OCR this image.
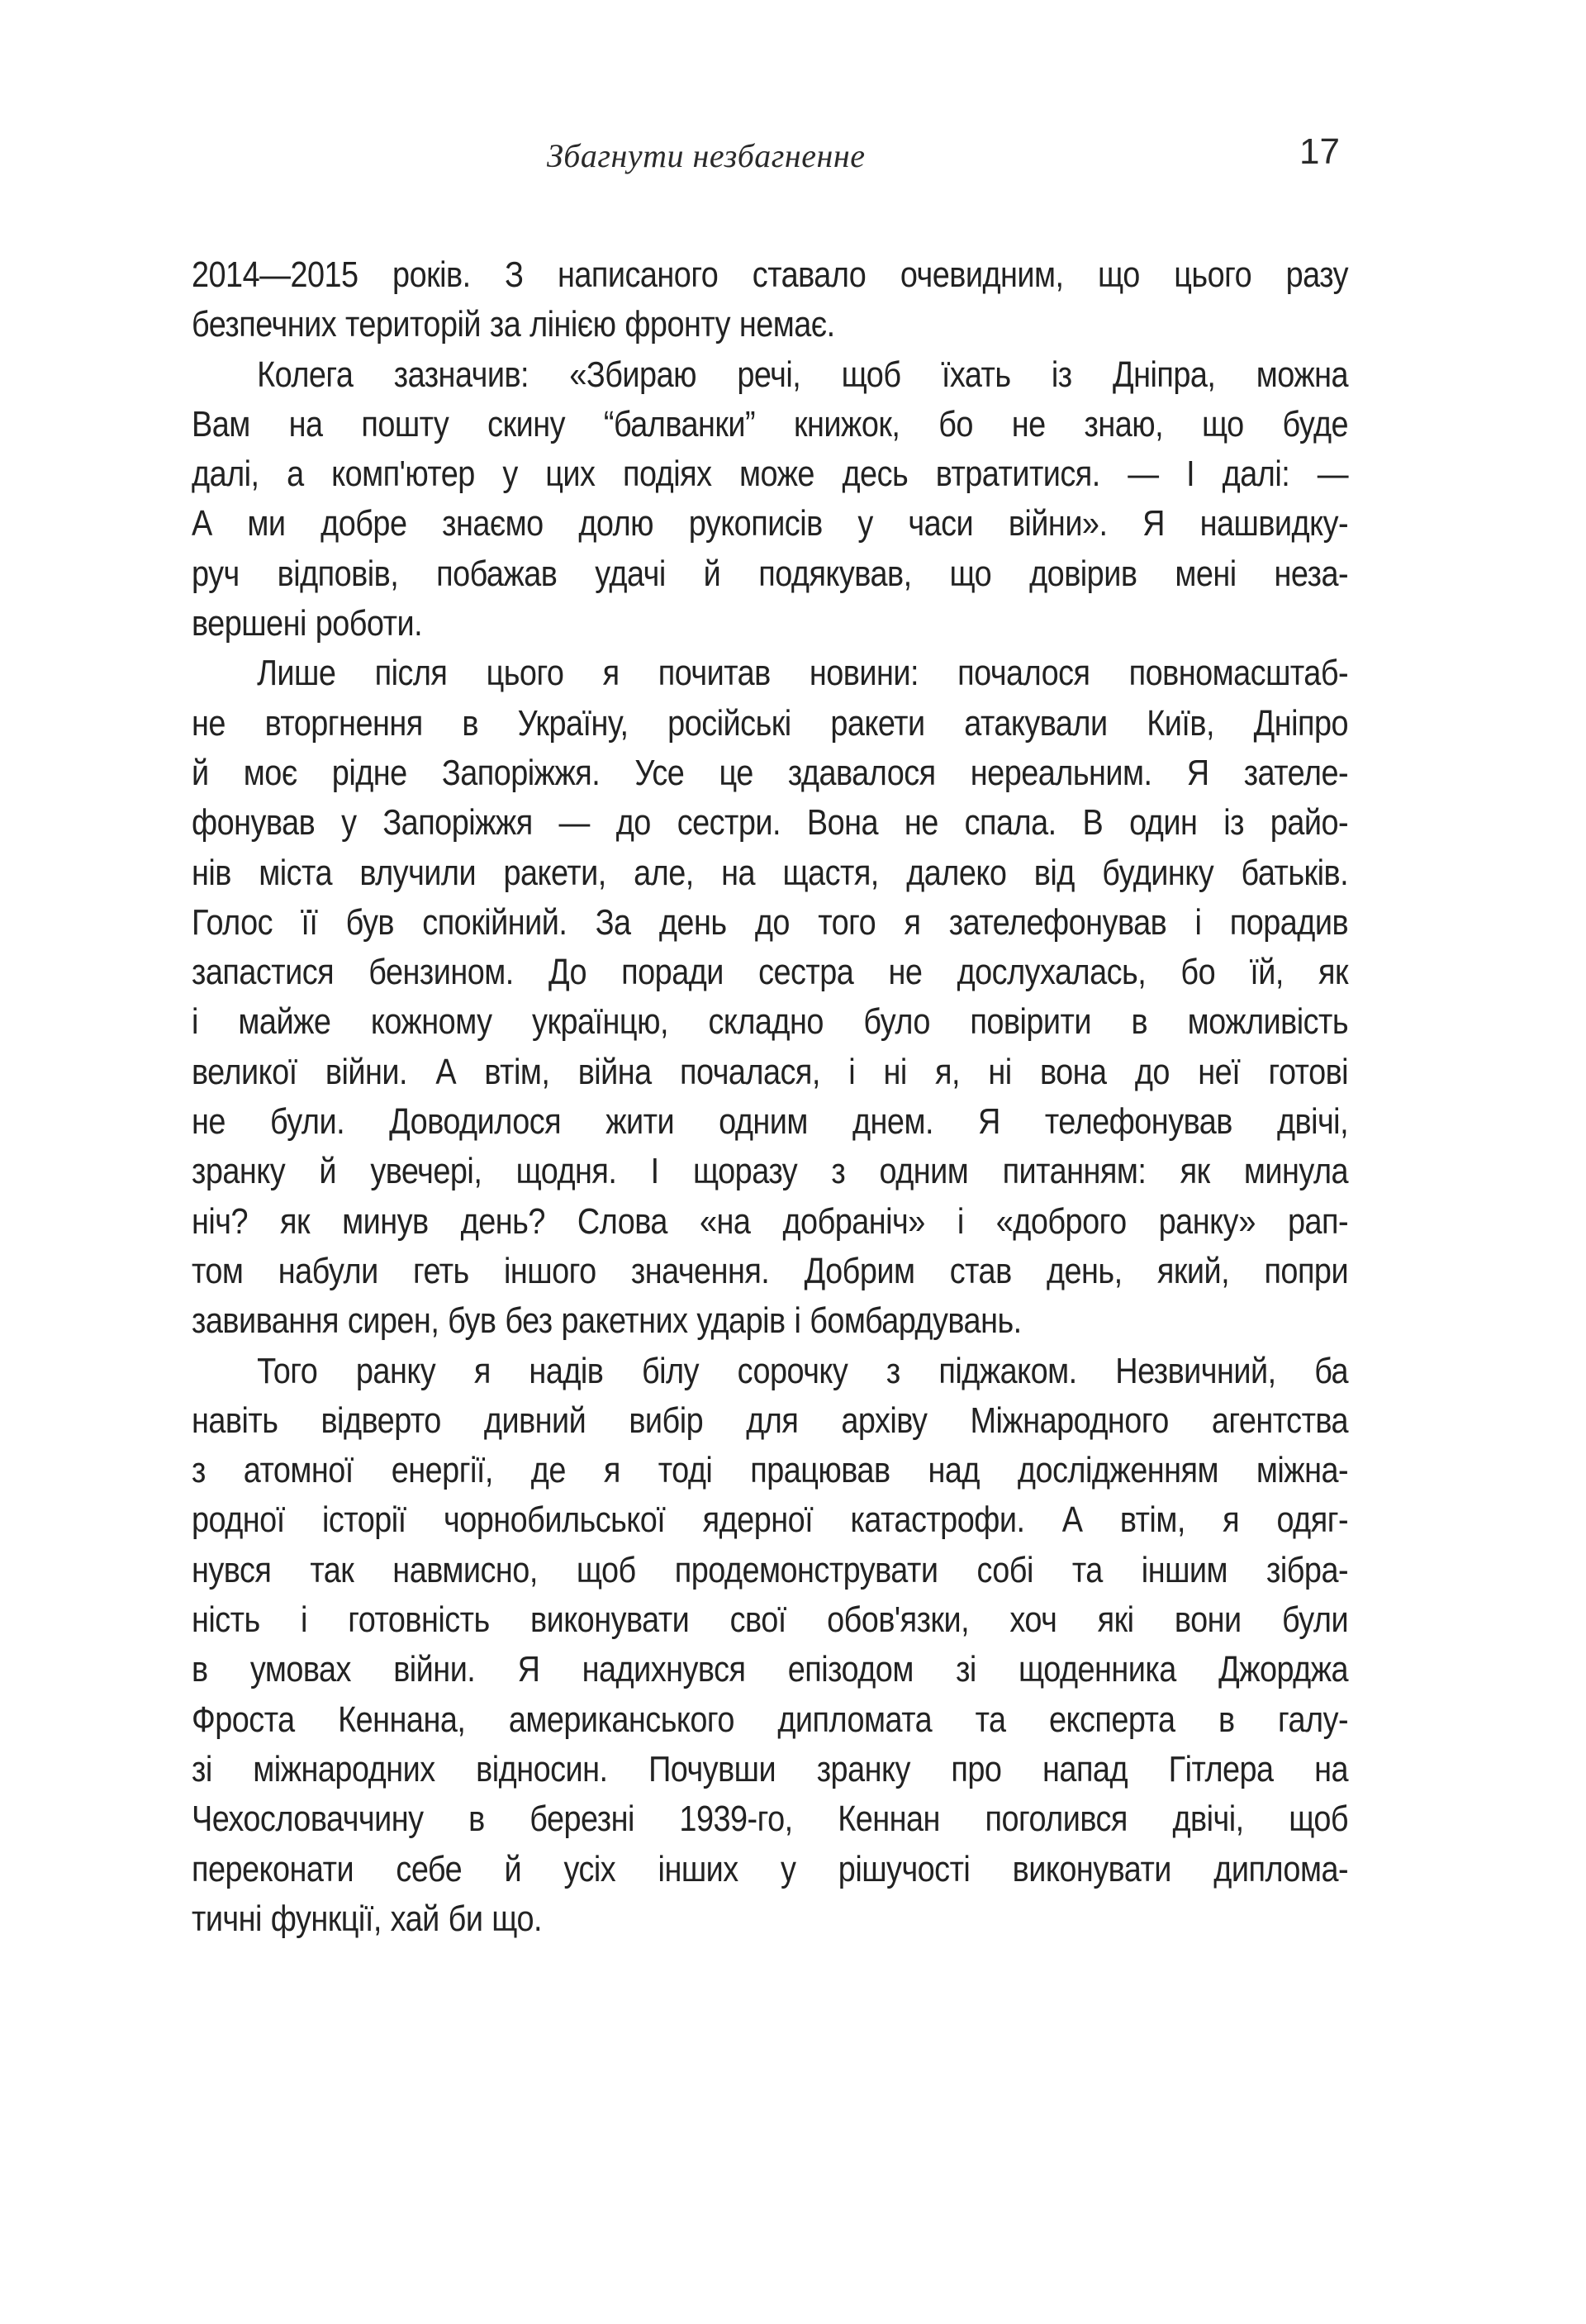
Збагнути незбагненне	17
2014—2015 років. З написаного ставало очевидним, що цього разу
безпечних територій за лінією фронту немає.
Колега зазначив: «Збираю речі, щоб їхать із Дніпра, можна
Вам на пошту скину “балванки” книжок, бо не знаю, що буде
далі, а комп'ютер у цих подіях може десь втратитися. — І далі: —
А ми добре знаємо долю рукописів у часи війни». Я нашвидку-
руч відповів, побажав удачі й подякував, що довірив мені неза-
вершені роботи.
Лише після цього я почитав новини: почалося повномасштаб-
не вторгнення в Україну, російські ракети атакували Київ, Дніпро
й моє рідне Запоріжжя. Усе це здавалося нереальним. Я зателе-
фонував у Запоріжжя — до сестри. Вона не спала. В один із райо-
нів міста влучили ракети, але, на щастя, далеко від будинку батьків.
Голос її був спокійний. За день до того я зателефонував і порадив
запастися бензином. До поради сестра не дослухалась, бо їй, як
і майже кожному українцю, складно було повірити в можливість
великої війни. А втім, війна почалася, і ні я, ні вона до неї готові
не були. Доводилося жити одним днем. Я телефонував двічі,
зранку й увечері, щодня. І щоразу з одним питанням: як минула
ніч? як минув день? Слова «на добраніч» і «доброго ранку» рап-
том набули геть іншого значення. Добрим став день, який, попри
завивання сирен, був без ракетних ударів і бомбардувань.
Того ранку я надів білу сорочку з піджаком. Незвичний, ба
навіть відверто дивний вибір для архіву Міжнародного агентства
з атомної енергії, де я тоді працював над дослідженням міжна-
родної історії чорнобильської ядерної катастрофи. А втім, я одяг-
нувся так навмисно, щоб продемонструвати собі та іншим зібра-
ність і готовність виконувати свої обов'язки, хоч які вони були
в умовах війни. Я надихнувся епізодом зі щоденника Джорджа
Фроста Кеннана, американського дипломата та експерта в галу-
зі міжнародних відносин. Почувши зранку про напад Гітлера на
Чехословаччину в березні 1939-го, Кеннан поголився двічі, щоб
переконати себе й усіх інших у рішучості виконувати диплома-
тичні функції, хай би що.
